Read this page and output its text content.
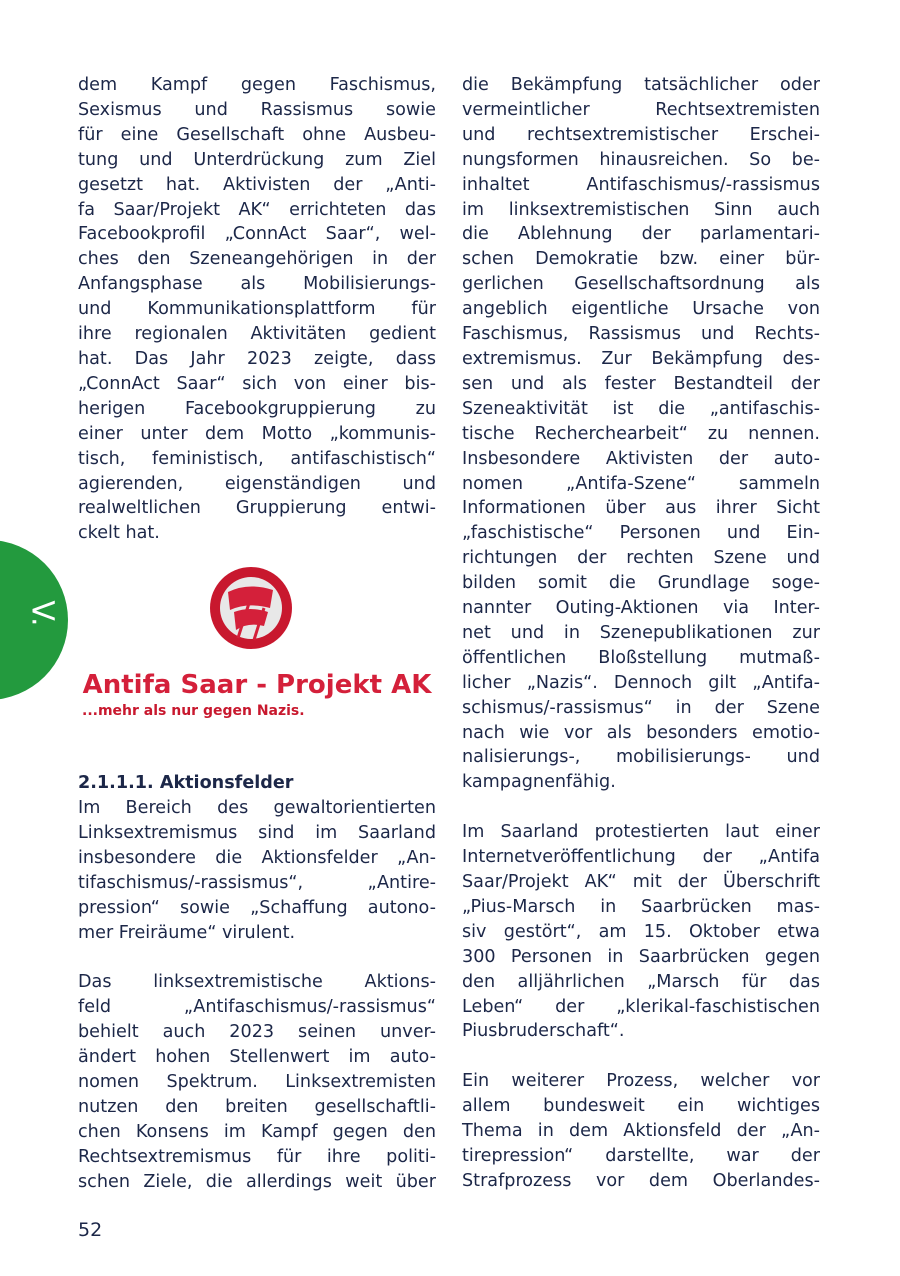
V.
dem Kampf gegen Faschismus,
Sexismus und Rassismus sowie
für eine Gesellschaft ohne Ausbeu-
tung und Unterdrückung zum Ziel
gesetzt hat. Aktivisten der „Anti-
fa Saar/Projekt AK“ errichteten das
Facebookprofil „ConnAct Saar“, wel-
ches den Szeneangehörigen in der
Anfangsphase als Mobilisierungs-
und Kommunikationsplattform für
ihre regionalen Aktivitäten gedient
hat. Das Jahr 2023 zeigte, dass
„ConnAct Saar“ sich von einer bis-
herigen Facebookgruppierung zu
einer unter dem Motto „kommunis-
tisch, feministisch, antifaschistisch“
agierenden, eigenständigen und
realweltlichen Gruppierung entwi-
ckelt hat.
2.1.1.1. Aktionsfelder
Im Bereich des gewaltorientierten
Linksextremismus sind im Saarland
insbesondere die Aktionsfelder „An-
tifaschismus/-rassismus“, „Antire-
pression“ sowie „Schaffung autono-
mer Freiräume“ virulent.
Das linksextremistische Aktions-
feld „Antifaschismus/-rassismus“
behielt auch 2023 seinen unver-
ändert hohen Stellenwert im auto-
nomen Spektrum. Linksextremisten
nutzen den breiten gesellschaftli-
chen Konsens im Kampf gegen den
Rechtsextremismus für ihre politi-
schen Ziele, die allerdings weit über
Antifa Saar - Projekt AK
...mehr als nur gegen Nazis.
die Bekämpfung tatsächlicher oder
vermeintlicher Rechtsextremisten
und rechtsextremistischer Erschei-
nungsformen hinausreichen. So be-
inhaltet Antifaschismus/-rassismus
im linksextremistischen Sinn auch
die Ablehnung der parlamentari-
schen Demokratie bzw. einer bür-
gerlichen Gesellschaftsordnung als
angeblich eigentliche Ursache von
Faschismus, Rassismus und Rechts-
extremismus. Zur Bekämpfung des-
sen und als fester Bestandteil der
Szeneaktivität ist die „antifaschis-
tische Recherchearbeit“ zu nennen.
Insbesondere Aktivisten der auto-
nomen „Antifa-Szene“ sammeln
Informationen über aus ihrer Sicht
„faschistische“ Personen und Ein-
richtungen der rechten Szene und
bilden somit die Grundlage soge-
nannter Outing-Aktionen via Inter-
net und in Szenepublikationen zur
öffentlichen Bloßstellung mutmaß-
licher „Nazis“. Dennoch gilt „Antifa-
schismus/-rassismus“ in der Szene
nach wie vor als besonders emotio-
nalisierungs-, mobilisierungs- und
kampagnenfähig.
Im Saarland protestierten laut einer
Internetveröffentlichung der „Antifa
Saar/Projekt AK“ mit der Überschrift
„Pius-Marsch in Saarbrücken mas-
siv gestört“, am 15. Oktober etwa
300 Personen in Saarbrücken gegen
den alljährlichen „Marsch für das
Leben“ der „klerikal-faschistischen
Piusbruderschaft“.
Ein weiterer Prozess, welcher vor
allem bundesweit ein wichtiges
Thema in dem Aktionsfeld der „An-
tirepression“ darstellte, war der
Strafprozess vor dem Oberlandes-
52
